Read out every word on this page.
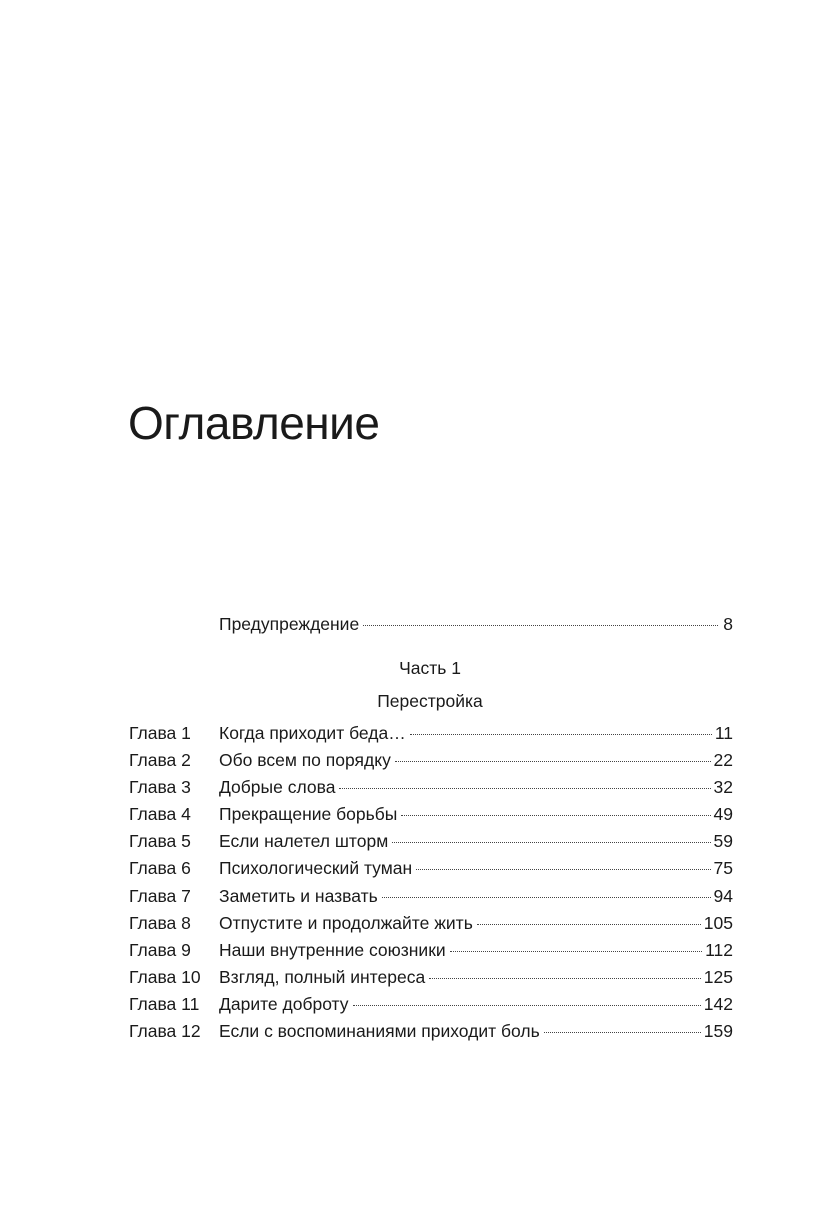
Оглавление
Предупреждение	8
Часть 1
Перестройка
Глава 1	Когда приходит беда…	11
Глава 2	Обо всем по порядку	22
Глава 3	Добрые слова	32
Глава 4	Прекращение борьбы	49
Глава 5	Если налетел шторм	59
Глава 6	Психологический туман	75
Глава 7	Заметить и назвать	94
Глава 8	Отпустите и продолжайте жить	105
Глава 9	Наши внутренние союзники	112
Глава 10	Взгляд, полный интереса	125
Глава 11	Дарите доброту	142
Глава 12	Если с воспоминаниями приходит боль	159
